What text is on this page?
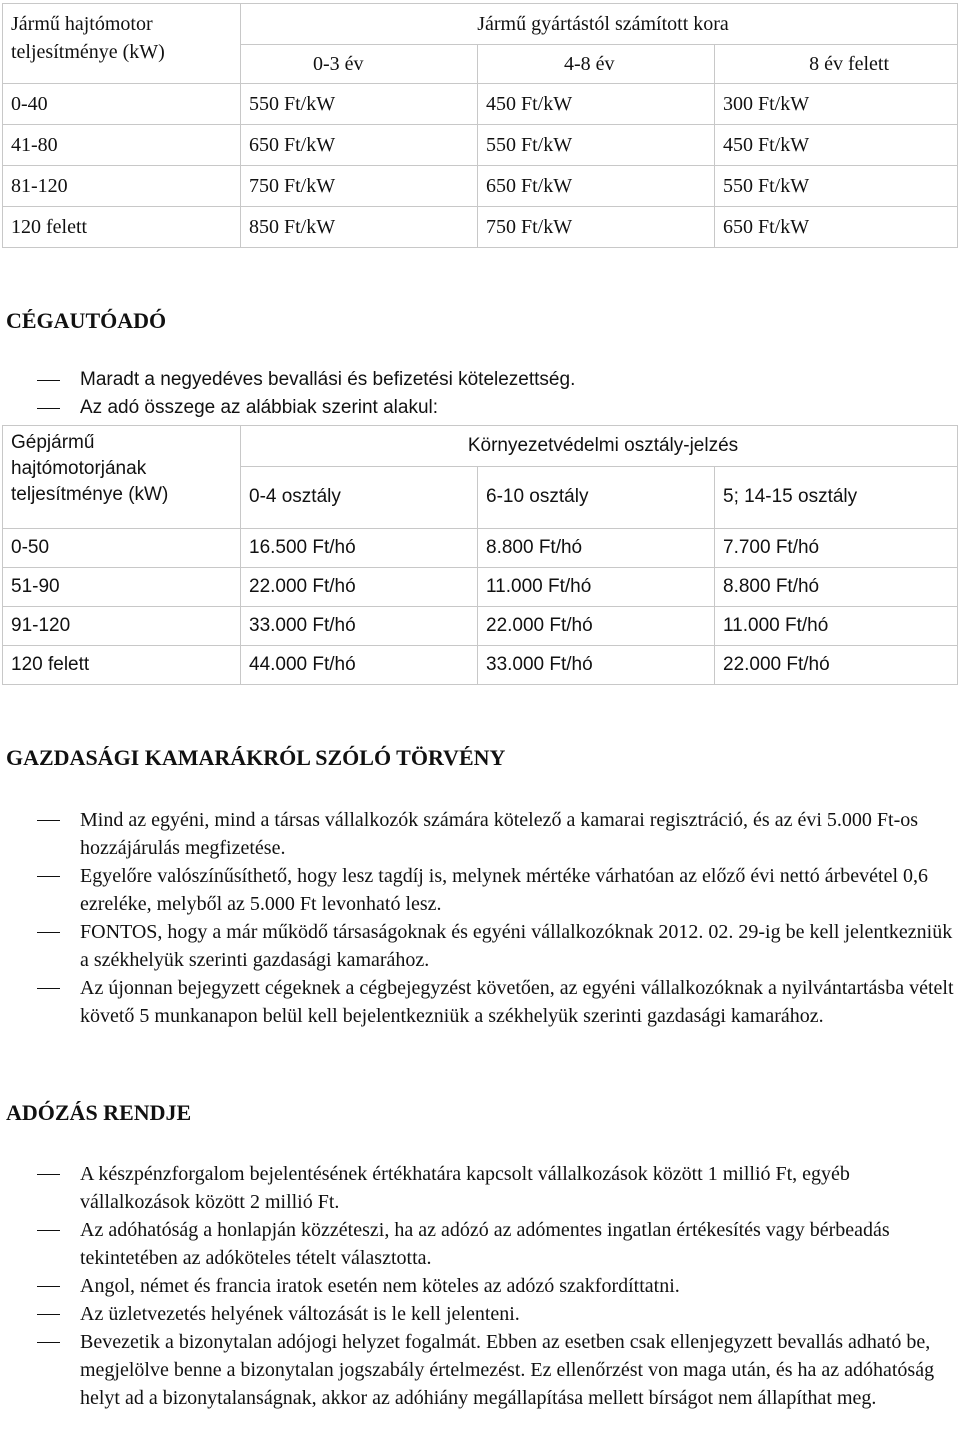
Jármű hajtómotor
teljesítménye (kW)	Jármű gyártástól számított kora		
	0-3 év	4-8 év	8 év felett
0-40	550 Ft/kW	450 Ft/kW	300 Ft/kW
41-80	650 Ft/kW	550 Ft/kW	450 Ft/kW
81-120	750 Ft/kW	650 Ft/kW	550 Ft/kW
120 felett	850 Ft/kW	750 Ft/kW	650 Ft/kW
CÉGAUTÓADÓ
Maradt a negyedéves bevallási és befizetési kötelezettség.
Az adó összege az alábbiak szerint alakul:
Gépjármű
hajtómotorjának
teljesítménye (kW)	Környezetvédelmi osztály-jelzés		
	0-4 osztály	6-10 osztály	5; 14-15 osztály
0-50	16.500 Ft/hó	8.800 Ft/hó	7.700 Ft/hó
51-90	22.000 Ft/hó	11.000 Ft/hó	8.800 Ft/hó
91-120	33.000 Ft/hó	22.000 Ft/hó	11.000 Ft/hó
120 felett	44.000 Ft/hó	33.000 Ft/hó	22.000 Ft/hó
GAZDASÁGI KAMARÁKRÓL SZÓLÓ TÖRVÉNY
Mind az egyéni, mind a társas vállalkozók számára kötelező a kamarai regisztráció, és az évi 5.000 Ft-os hozzájárulás megfizetése.
Egyelőre valószínűsíthető, hogy lesz tagdíj is, melynek mértéke várhatóan az előző évi nettó árbevétel 0,6 ezreléke, melyből az 5.000 Ft levonható lesz.
FONTOS, hogy a már működő társaságoknak és egyéni vállalkozóknak 2012. 02. 29-ig be kell jelentkezniük a székhelyük szerinti gazdasági kamarához.
Az újonnan bejegyzett cégeknek a cégbejegyzést követően, az egyéni vállalkozóknak a nyilvántartásba vételt követő 5 munkanapon belül kell bejelentkezniük a székhelyük szerinti gazdasági kamarához.
ADÓZÁS RENDJE
A készpénzforgalom bejelentésének értékhatára kapcsolt vállalkozások között 1 millió Ft, egyéb vállalkozások között 2 millió Ft.
Az adóhatóság a honlapján közzéteszi, ha az adózó az adómentes ingatlan értékesítés vagy bérbeadás tekintetében az adóköteles tételt választotta.
Angol, német és francia iratok esetén nem köteles az adózó szakfordíttatni.
Az üzletvezetés helyének változását is le kell jelenteni.
Bevezetik a bizonytalan adójogi helyzet fogalmát. Ebben az esetben csak ellenjegyzett bevallás adható be, megjelölve benne a bizonytalan jogszabály értelmezést. Ez ellenőrzést von maga után, és ha az adóhatóság helyt ad a bizonytalanságnak, akkor az adóhiány megállapítása mellett bírságot nem állapíthat meg.
